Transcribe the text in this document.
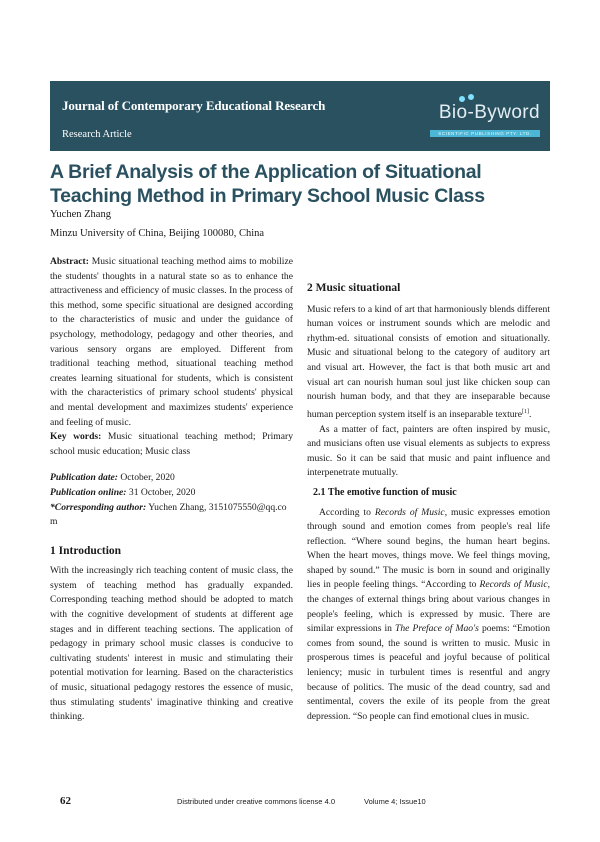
Journal of Contemporary Educational Research
Research Article
Bio-Byword
SCIENTIFIC PUBLISHING PTY. LTD.
A Brief Analysis of the Application of Situational Teaching Method in Primary School Music Class
Yuchen Zhang
Minzu University of China, Beijing 100080, China

Abstract: Music situational teaching method aims to mobilize the students' thoughts in a natural state so as to enhance the attractiveness and efficiency of music classes. In the process of this method, some specific situational are designed according to the characteristics of music and under the guidance of psychology, methodology, pedagogy and other theories, and various sensory organs are employed. Different from traditional teaching method, situational teaching method creates learning situational for students, which is consistent with the characteristics of primary school students' physical and mental development and maximizes students' experience and feeling of music.

Key words: Music situational teaching method; Primary school music education; Music class

Publication date: October, 2020

Publication online: 31 October, 2020

*Corresponding author: Yuchen Zhang, 3151075550@qq.com

1 Introduction

With the increasingly rich teaching content of music class, the system of teaching method has gradually expanded. Corresponding teaching method should be adopted to match with the cognitive development of students at different age stages and in different teaching sections. The application of pedagogy in primary school music classes is conducive to cultivating students' interest in music and stimulating their potential motivation for learning. Based on the characteristics of music, situational pedagogy restores the essence of music, thus stimulating students' imaginative thinking and creative thinking.

2 Music situational

Music refers to a kind of art that harmoniously blends different human voices or instrument sounds which are melodic and rhythm-ed. situational consists of emotion and situationally. Music and situational belong to the category of auditory art and visual art. However, the fact is that both music art and visual art can nourish human soul just like chicken soup can nourish human body, and that they are inseparable because human perception system itself is an inseparable texture[1].

As a matter of fact, painters are often inspired by music, and musicians often use visual elements as subjects to express music. So it can be said that music and paint influence and interpenetrate mutually.

2.1 The emotive function of music

According to Records of Music, music expresses emotion through sound and emotion comes from people's real life reflection. “Where sound begins, the human heart begins. When the heart moves, things move. We feel things moving, shaped by sound.” The music is born in sound and originally lies in people feeling things. “According to Records of Music, the changes of external things bring about various changes in people's feeling, which is expressed by music. There are similar expressions in The Preface of Mao's poems: “Emotion comes from sound, the sound is written to music. Music in prosperous times is peaceful and joyful because of political leniency; music in turbulent times is resentful and angry because of politics. The music of the dead country, sad and sentimental, covers the exile of its people from the great depression. “So people can find emotional clues in music.

62	Distributed under creative commons license 4.0	Volume 4; Issue10
